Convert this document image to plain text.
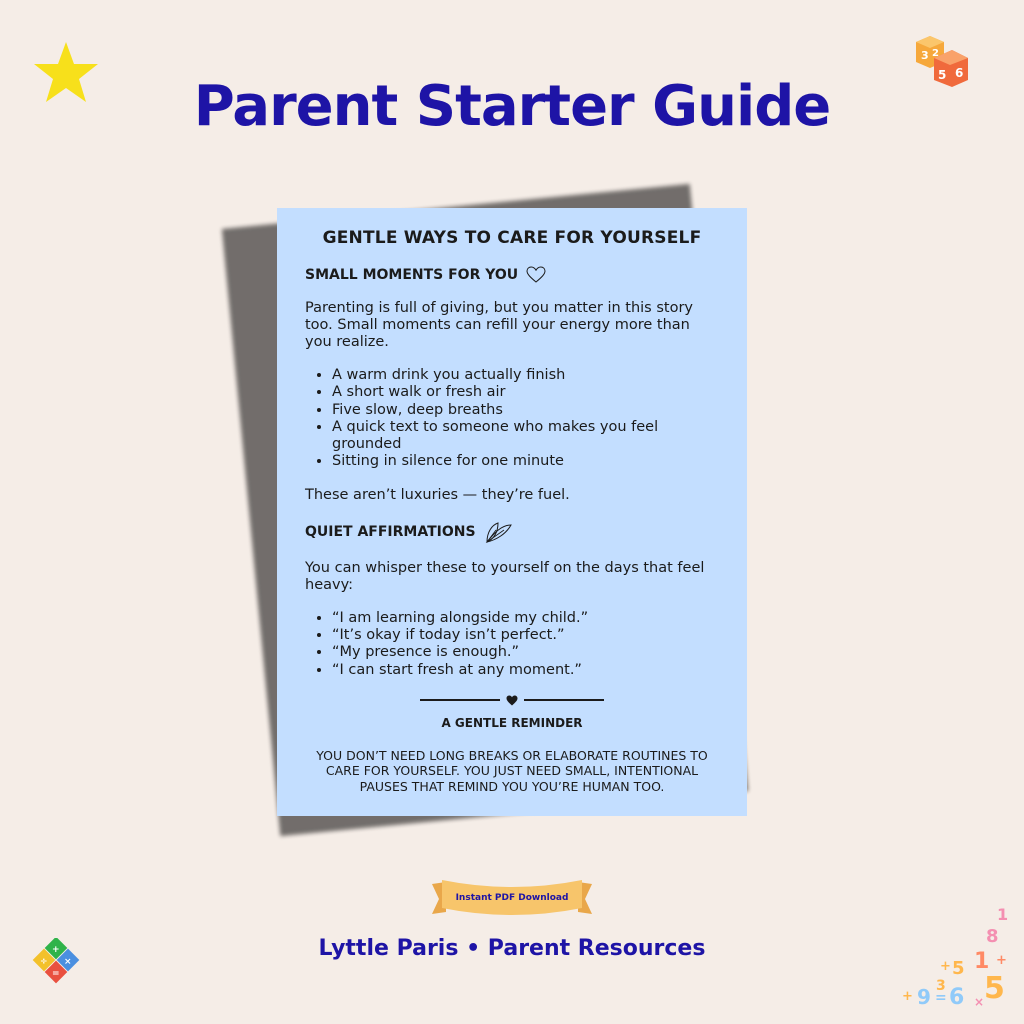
3 2
5 6
Parent Starter Guide
GENTLE WAYS TO CARE FOR YOURSELF
SMALL MOMENTS FOR YOU

Parenting is full of giving, but you matter in this story too. Small moments can refill your energy more than you realize.

• A warm drink you actually finish
• A short walk or fresh air
• Five slow, deep breaths
• A quick text to someone who makes you feel grounded
• Sitting in silence for one minute

These aren’t luxuries — they’re fuel.

QUIET AFFIRMATIONS

You can whisper these to yourself on the days that feel heavy:

• “I am learning alongside my child.”
• “It’s okay if today isn’t perfect.”
• “My presence is enough.”
• “I can start fresh at any moment.”
A GENTLE REMINDER
YOU DON’T NEED LONG BREAKS OR ELABORATE ROUTINES TO CARE FOR YOURSELF. YOU JUST NEED SMALL, INTENTIONAL PAUSES THAT REMIND YOU YOU’RE HUMAN TOO.
Instant PDF Download
Lyttle Paris • Parent Resources
+
×
÷
=
1
8
5 1
+	+
5
3
9 = 6 ×
+
